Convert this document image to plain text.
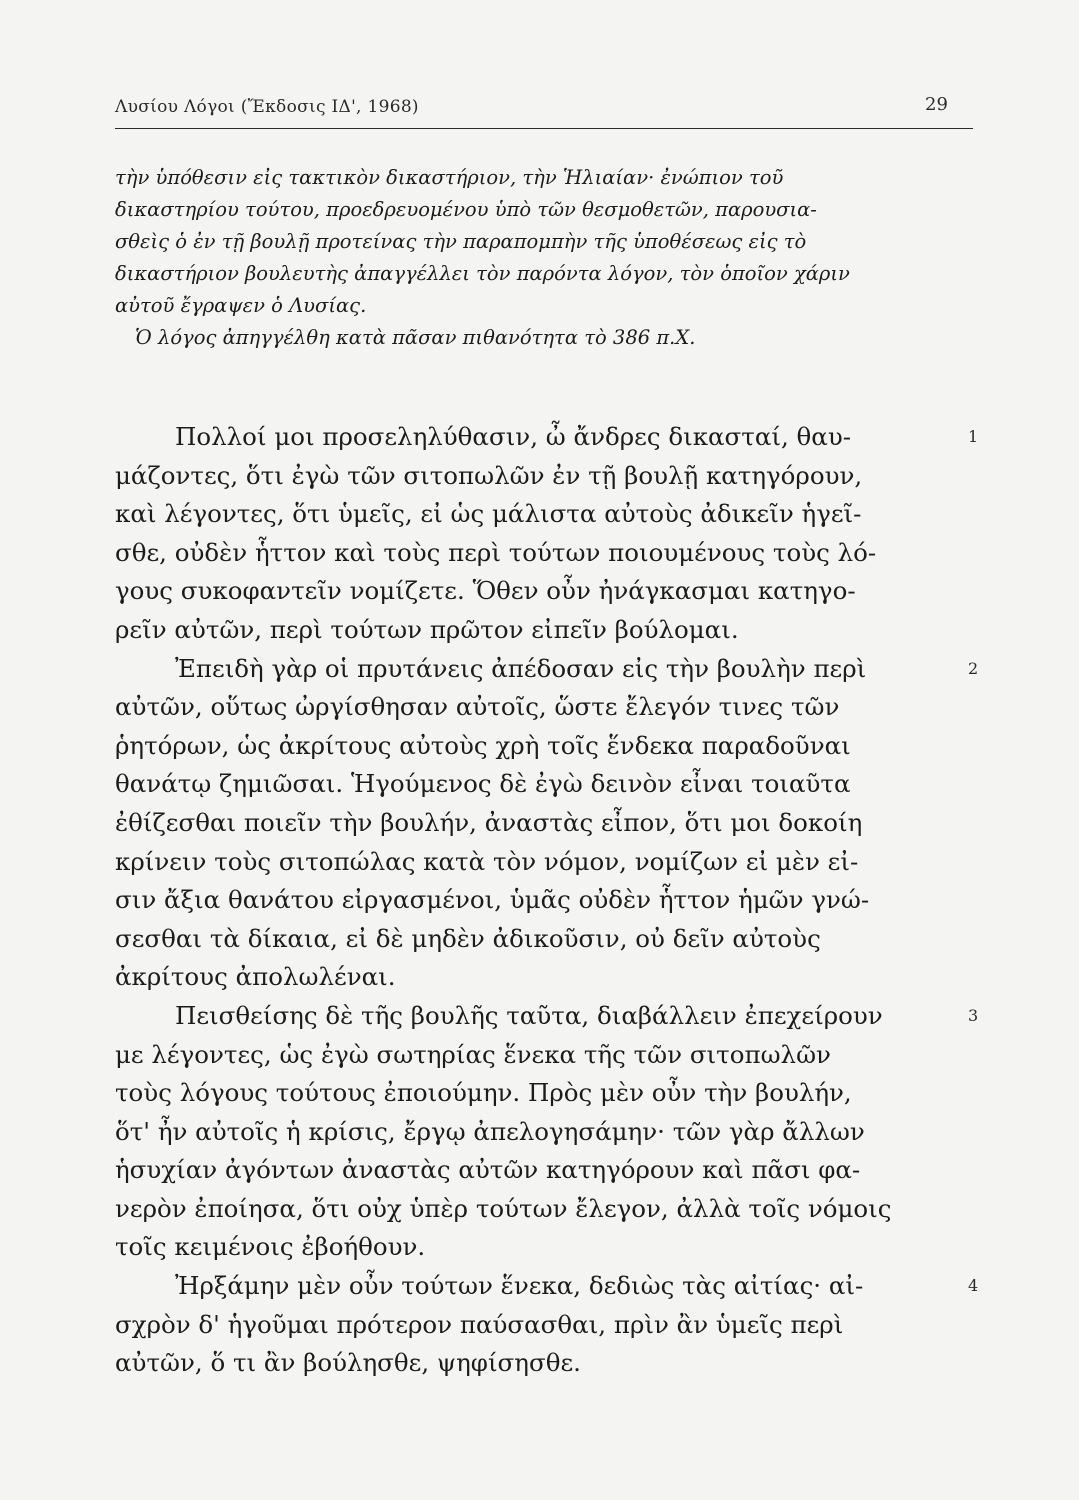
Λυσίου Λόγοι (Ἔκδοσις ΙΔ', 1968)	29
τὴν ὑπόθεσιν εἰς τακτικὸν δικαστήριον, τὴν Ἡλιαίαν· ἐνώπιον τοῦ
δικαστηρίου τούτου, προεδρευομένου ὑπὸ τῶν θεσμοθετῶν, παρουσια-
σθεὶς ὁ ἐν τῇ βουλῇ προτείνας τὴν παραπομπὴν τῆς ὑποθέσεως εἰς τὸ
δικαστήριον βουλευτὴς ἀπαγγέλλει τὸν παρόντα λόγον, τὸν ὁποῖον χάριν
αὐτοῦ ἔγραψεν ὁ Λυσίας.
Ὁ λόγος ἀπηγγέλθη κατὰ πᾶσαν πιθανότητα τὸ 386 π.Χ.
Πολλοί μοι προσεληλύθασιν, ὦ ἄνδρες δικασταί, θαυ-
μάζοντες, ὅτι ἐγὼ τῶν σιτοπωλῶν ἐν τῇ βουλῇ κατηγόρουν,
καὶ λέγοντες, ὅτι ὑμεῖς, εἰ ὡς μάλιστα αὐτοὺς ἀδικεῖν ἡγεῖ-
σθε, οὐδὲν ἧττον καὶ τοὺς περὶ τούτων ποιουμένους τοὺς λό-
γους συκοφαντεῖν νομίζετε. Ὅθεν οὖν ἠνάγκασμαι κατηγο-
ρεῖν αὐτῶν, περὶ τούτων πρῶτον εἰπεῖν βούλομαι.
Ἐπειδὴ γὰρ οἱ πρυτάνεις ἀπέδοσαν εἰς τὴν βουλὴν περὶ
αὐτῶν, οὕτως ὠργίσθησαν αὐτοῖς, ὥστε ἔλεγόν τινες τῶν
ῥητόρων, ὡς ἀκρίτους αὐτοὺς χρὴ τοῖς ἕνδεκα παραδοῦναι
θανάτῳ ζημιῶσαι. Ἡγούμενος δὲ ἐγὼ δεινὸν εἶναι τοιαῦτα
ἐθίζεσθαι ποιεῖν τὴν βουλήν, ἀναστὰς εἶπον, ὅτι μοι δοκοίη
κρίνειν τοὺς σιτοπώλας κατὰ τὸν νόμον, νομίζων εἰ μὲν εἰ-
σιν ἄξια θανάτου εἰργασμένοι, ὑμᾶς οὐδὲν ἧττον ἡμῶν γνώ-
σεσθαι τὰ δίκαια, εἰ δὲ μηδὲν ἀδικοῦσιν, οὐ δεῖν αὐτοὺς
ἀκρίτους ἀπολωλέναι.
Πεισθείσης δὲ τῆς βουλῆς ταῦτα, διαβάλλειν ἐπεχείρουν
με λέγοντες, ὡς ἐγὼ σωτηρίας ἕνεκα τῆς τῶν σιτοπωλῶν
τοὺς λόγους τούτους ἐποιούμην. Πρὸς μὲν οὖν τὴν βουλήν,
ὅτ' ἦν αὐτοῖς ἡ κρίσις, ἔργῳ ἀπελογησάμην· τῶν γὰρ ἄλλων
ἡσυχίαν ἀγόντων ἀναστὰς αὐτῶν κατηγόρουν καὶ πᾶσι φα-
νερὸν ἐποίησα, ὅτι οὐχ ὑπὲρ τούτων ἔλεγον, ἀλλὰ τοῖς νόμοις
τοῖς κειμένοις ἐβοήθουν.
Ἠρξάμην μὲν οὖν τούτων ἕνεκα, δεδιὼς τὰς αἰτίας· αἰ-
σχρὸν δ' ἡγοῦμαι πρότερον παύσασθαι, πρὶν ἂν ὑμεῖς περὶ
αὐτῶν, ὅ τι ἂν βούλησθε, ψηφίσησθε.
1
2
3
4
